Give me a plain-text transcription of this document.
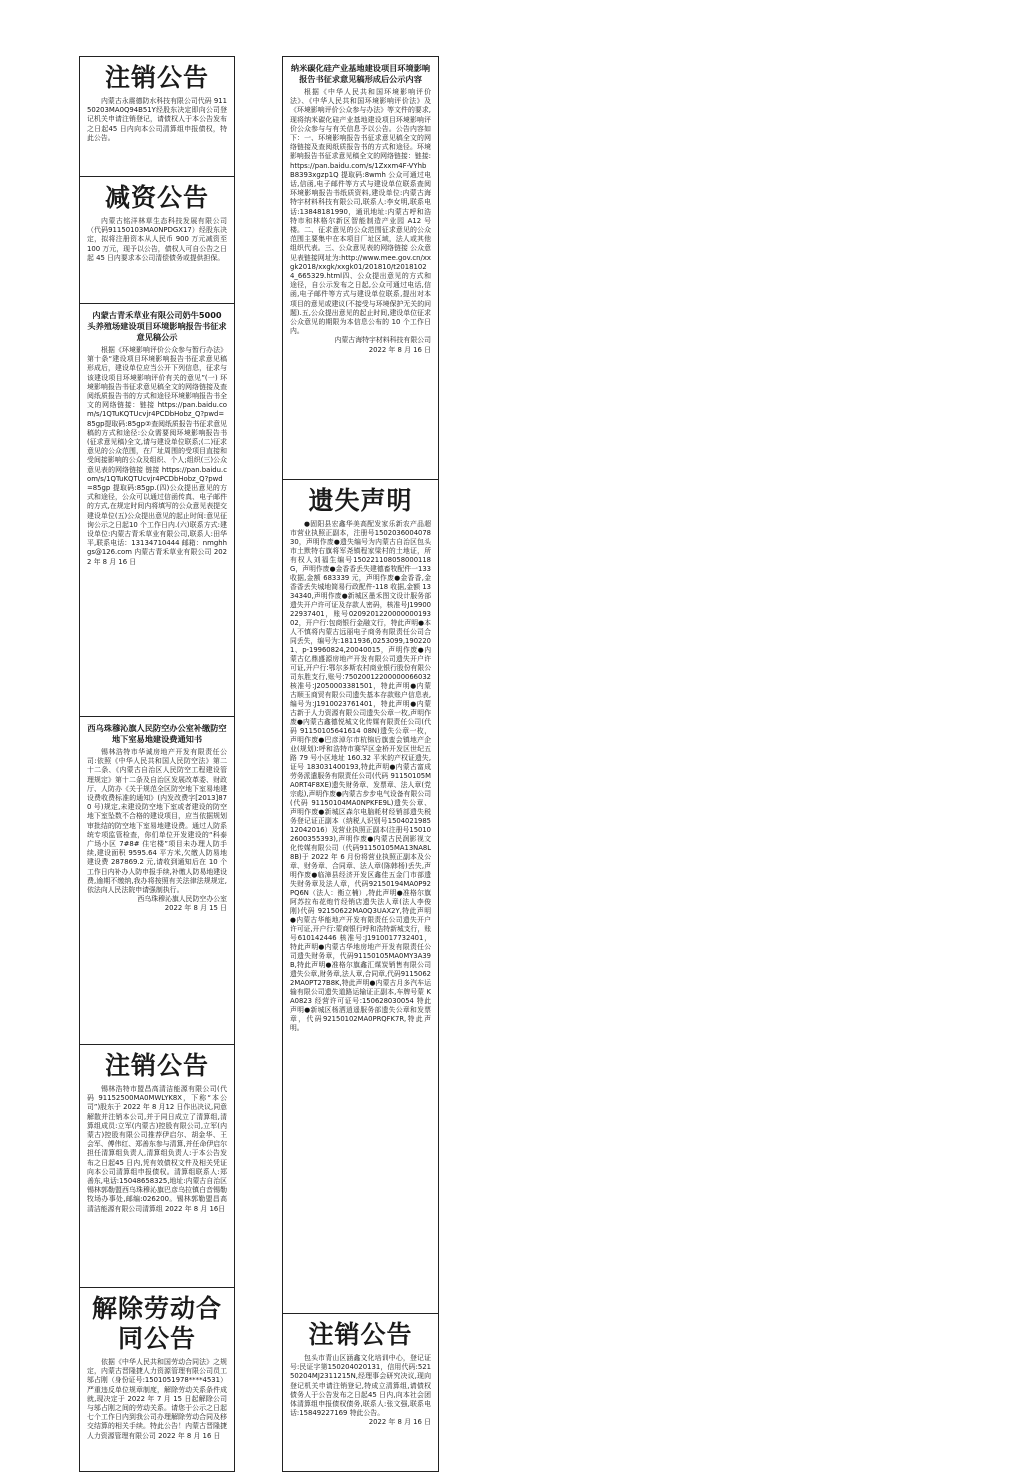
注销公告
内蒙古永震德防水科技有限公司代码 91150203MA0Q94B51Y经股东决定即向公司登记机关申请注销登记，请债权人于本公告发布之日起45 日内向本公司清算组申报债权，特此公告。
减资公告
内蒙古铭洋林草生态科技发展有限公司（代码91150103MA0NPDGX17）经股东决定，拟将注册资本从人民币 900 万元减资至 100 万元，现予以公告，债权人可自公告之日起 45 日内要求本公司清偿债务或提供担保。
内蒙古青禾草业有限公司奶牛5000 头养殖场建设项目环境影响报告书征求意见稿公示
根据《环境影响评价公众参与暂行办法》第十条“建设项目环境影响报告书征求意见稿形成后，建设单位应当公开下列信息，征求与该建设项目环境影响评价有关的意见”(一) 环境影响报告书征求意见稿全文的网络链接及查阅纸质报告书的方式和途径环境影响报告书全文的网络链接：链接 https://pan.baidu.com/s/1QTuKQTUcvjr4PCDbHobz_Q?pwd=85gp提取码:85gp②查阅纸质报告书征求意见稿的方式和途径:公众需要阅环境影响报告书(征求意见稿)全文,请与建设单位联系;(二)征求意见的公众范围，在厂址周围的受项目直接和受间接影响的公众及组织、个人;组织(三)公众意见表的网络链接 链接 https://pan.baidu.com/s/1QTuKQTUcvjr4PCDbHobz_Q?pwd=85gp 提取码:85gp.(四)公众提出意见的方式和途径，公众可以通过信函传真、电子邮件的方式,在规定时间内将填写的公众意见表提交建设单位(五)公众提出意见的起止时间:意见征询公示之日起10 个工作日内.(六)联系方式:建设单位:内蒙古青禾草业有限公司,联系人:田华平,联系电话：13134710444 邮箱：nmghhgs@126.com 内蒙古青禾草业有限公司 2022 年 8 月 16 日
西乌珠穆沁旗人民防空办公室补缴防空地下室易地建设费通知书
锡林浩特市华诚房地产开发有限责任公司:依照《中华人民共和国人民防空法》第二十二条、《内蒙古自治区人民防空工程建设管理规定》第十二条及自治区发展改革委、财政厅、人防办《关于规范全区防空地下室易地建设费收费标准的通知》(内发改费字[2013]870 号)规定,未建设防空地下室或者建设的防空地下室坠数不合格的建设项目，应当依据规划审批结的防空地下室易地建设费。通过人防系统专项监管检查，你们单位开发建设的“科泰广场小区 7#8# 住宅楼”项目未办理人防手续,建设面积 9595.64 平方米,欠缴人防易地建设费 287869.2 元,请收到通知后在 10 个工作日内补办人防申报手续,补缴人防易地建设费,逾期不缴纳,我办将按照有关法律法规规定,依法向人民法院申请强制执行。
西乌珠穆沁旗人民防空办公室
2022 年 8 月 15 日
注销公告
锡林浩特市盟昌高清洁能源有限公司(代码 91152500MA0MWLYK8X，下称“本公司”)股东于 2022 年 8 月12 日作出决议,同意解散并注销本公司,并于同日成立了清算组,清算组成员:立军(内蒙古)控股有限公司,立军(内蒙古)控股有限公司推荐伊启尔、胡金华、王会军、傅伟红、郑善东参与清算,并任命伊启尔担任清算组负责人,清算组负责人:于本公告发布之日起45 日内,凭有效债权文件及相关凭证向本公司清算组申报债权。清算组联系人:郑善东,电话:15048658325,地址:内蒙古自治区锡林郭勒盟西乌珠穆沁旗巴彦乌拉镇白音锡勒牧场办事处,邮编:026200。锡林郭勒盟昌高清洁能源有限公司清算组 2022 年 8 月 16日
解除劳动合同公告
依据《中华人民共和国劳动合同法》之规定，内蒙古晋隆捷人力资源管理有限公司员工邬占刚（身份证号:1501051978****4531）严重违反单位规章制度，解除劳动关系条件成就,现决定于 2022 年 7 月 15 日起解除公司与邬占刚之间的劳动关系。请您于公示之日起七个工作日内到我公司办理解除劳动合同及移交结算的相关手续。特此公告！内蒙古晋隆捷人力资源管理有限公司 2022 年 8 月 16 日
纳米碳化硅产业基地建设项目环境影响报告书征求意见稿形成后公示内容
根据《中华人民共和国环境影响评价法》、《中华人民共和国环境影响评价法》及《环境影响评价公众参与办法》等文件的要求,现将纳米碳化硅产业基地建设项目环境影响评价公众参与与有关信息予以公告。公告内容如下：一、环境影响报告书征求意见稿全文的网络链接及查阅纸质报告书的方式和途径。环境影响报告书征求意见稿全文的网络链接：链接:https://pan.baidu.com/s/1Zxxm4F-VYhbB8393xgzp1Q 提取码:8wmh 公众可通过电话,信函,电子邮件等方式与建设单位联系查阅环境影响报告书纸质资料,建设单位:内蒙古海特宇材料科技有限公司,联系人:李女明,联系电话:13848181990，通讯地址:内蒙古呼和浩特市和林格尔新区智能制造产业园 A12 号楼。二、征求意见的公众范围征求意见的公众范围主要集中在本项目厂址区域，法人或其他组织代表。三、公众意见表的网络链接 公众意见表链接网址为:http://www.mee.gov.cn/xxgk2018/xxgk/xxgk01/201810/t20181024_665329.html四、公众提出意见的方式和途径，自公示发布之日起,公众可通过电话,信函,电子邮件等方式与建设单位联系,提出对本项目的意见或建议(不接受与环境保护无关的问题).五,公众提出意见的起止时间,建设单位征求公众意见的期限为本信息公布的 10 个工作日内。
内蒙古海特宇材料科技有限公司
2022 年 8 月 16 日
遗失声明
●固阳县宏鑫华美高配发家乐新农产品超市营业执照正副本，注册号150203600407830，声明作废●遗失编号为内蒙古自治区包头市土默特右旗将军尧镇程家梁村的土地证，所有权人刘福生编号150221108058000118G，声明作废●金香香丢失建德畜牧配件一133 收据,金额 683339 元，声明作废●金香香,金香香丢失城地简易行政配件-118 收据,金额 1334340,声明作废●新城区墨禾图文设计服务部遗失开户许可证及存款人密码，核准号J1990022937401，账号020920122000000019302，开户行:包商银行金融文行，特此声明●本人不慎将内蒙古远丽电子商务有限责任公司合同丢失，编号为:1811936,0253099,1902201、p-19960824,20040015，声明作废●内蒙古亿鼎盛源房地产开发有限公司遗失开户许可证,开户行:鄂尔多斯农村商业银行股份有限公司东胜支行,账号:75020012200000066032 核准号:J2050003381501，特此声明●内蒙古顺玉商贸有限公司遗失基本存款账户信息表,编号为:J1910023761401，特此声明●内蒙古新于人力资源有限公司遗失公章一枚,声明作废●内蒙古鑫德悦城文化传媒有限责任公司(代码 91150105641614 08N)遗失公章一枚，声明作废●巴彦淖尔市杭锦后旗蛮会镇地产企业(规划):呼和浩特市赛罕区金桥开发区世纪五路 79 号小区地址 160.32 平米的产权证遗失,证号 183031400193,特此声明●内蒙古富成劳务派遣服务有限责任公司(代码 91150105MA0RT4F8XE)遗失财务章、发票章、法人章(党宗彪),声明作废●内蒙古步步电气设备有限公司(代码 91150104MA0NPKFE9L)遗失公章、声明作废●新城区森尔电脑耗材经销部遗失税务登记证正副本（纳税人识别号150402198512042016）及营业执照正副本(注册号150102600355393),声明作废●内蒙古民润影视文化传媒有限公司（代码91150105MA13NA8L8B)于 2022 年 6 月份将营业执照正副本及公章、财务章、合同章、法人章(陈韩杨)丢失,声明作废●临漳县经济开发区鑫佳五金门市部遗失财务章及法人章，代码92150194MA0P92PQ6N（法人：衡立楠）,特此声明●准格尔旗阿苏拉布花炮竹经销店遗失法人章(法人李俊刚)代码 92150622MA0Q3UAX2Y,特此声明●内蒙古华能地产开发有限责任公司遗失开户许可证,开户行:蒙商银行呼和浩特新城支行，账号610142446 核准号:J1910017732401，特此声明●内蒙古华地房地产开发有限责任公司遗失财务章，代码91150105MA0MY3A39B,特此声明●准格尔旗鑫汇煤炭销售有限公司遗失公章,财务章,法人章,合同章,代码91150622MA0PT27B8K,特此声明●内蒙古月多汽车运输有限公司遗失道路运输证正副本,车牌号蒙 KA0823 经营许可证号:150628030054 特此声明●新城区杨洒逍遥服务部遗失公章和发票章，代码92150102MA0PRQFK7R,特此声明。
注销公告
包头市青山区涵鑫文化培训中心，登记证号:民证字第150204020131，信用代码:52150204MJ2311215N,经理事会研究决议,现向登记机关申请注销登记,特成立清算组,请债权债务人于公告发布之日起45 日内,向本社会团体清算组申报债权债务,联系人:张文强,联系电话:15849227169 特此公告。
2022 年 8 月 16 日
